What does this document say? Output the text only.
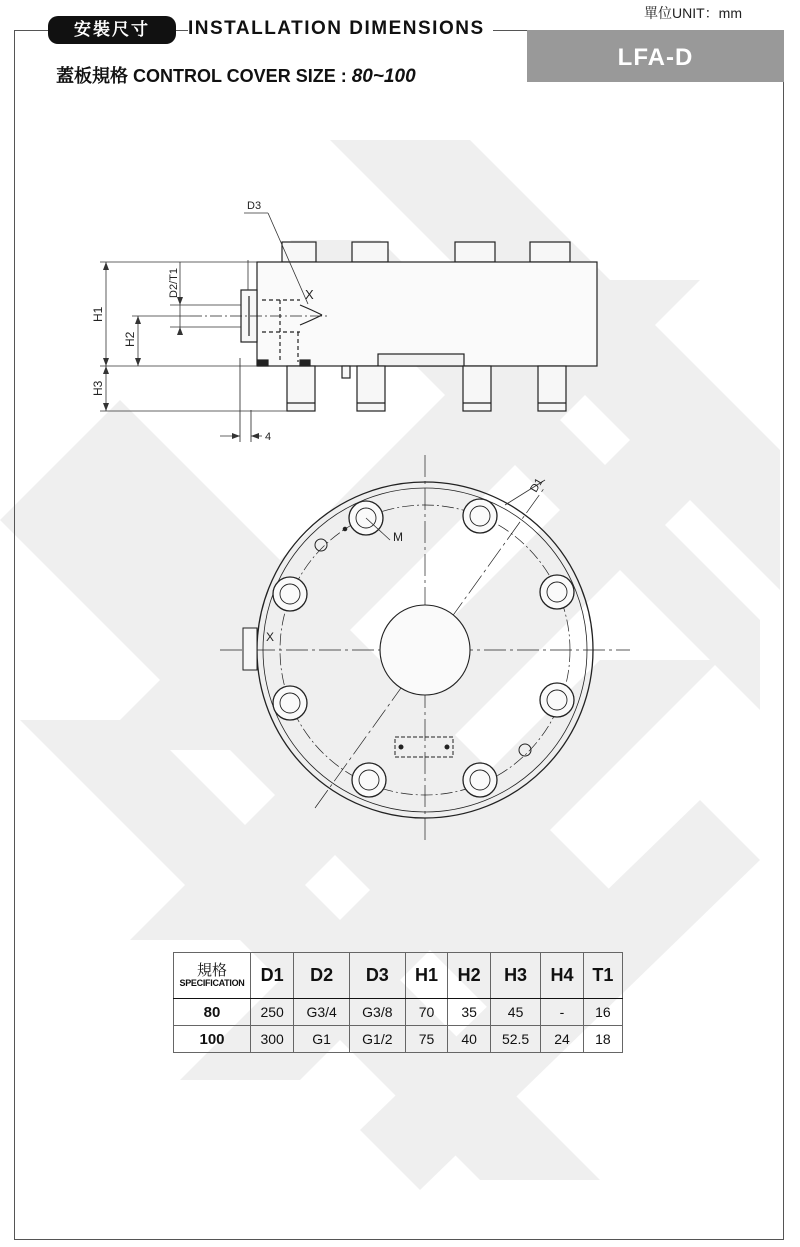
單位UNIT：mm
安裝尺寸	INSTALLATION DIMENSIONS
LFA-D
蓋板規格 CONTROL COVER SIZE : 80~100
D3
X
D2/T1
H1
H2
H3
4
D1
M
X
規格
SPECIFICATION	D1	D2	D3	H1	H2	H3	H4	T1
80	250	G3/4	G3/8	70	35	45	-	16
100	300	G1	G1/2	75	40	52.5	24	18
